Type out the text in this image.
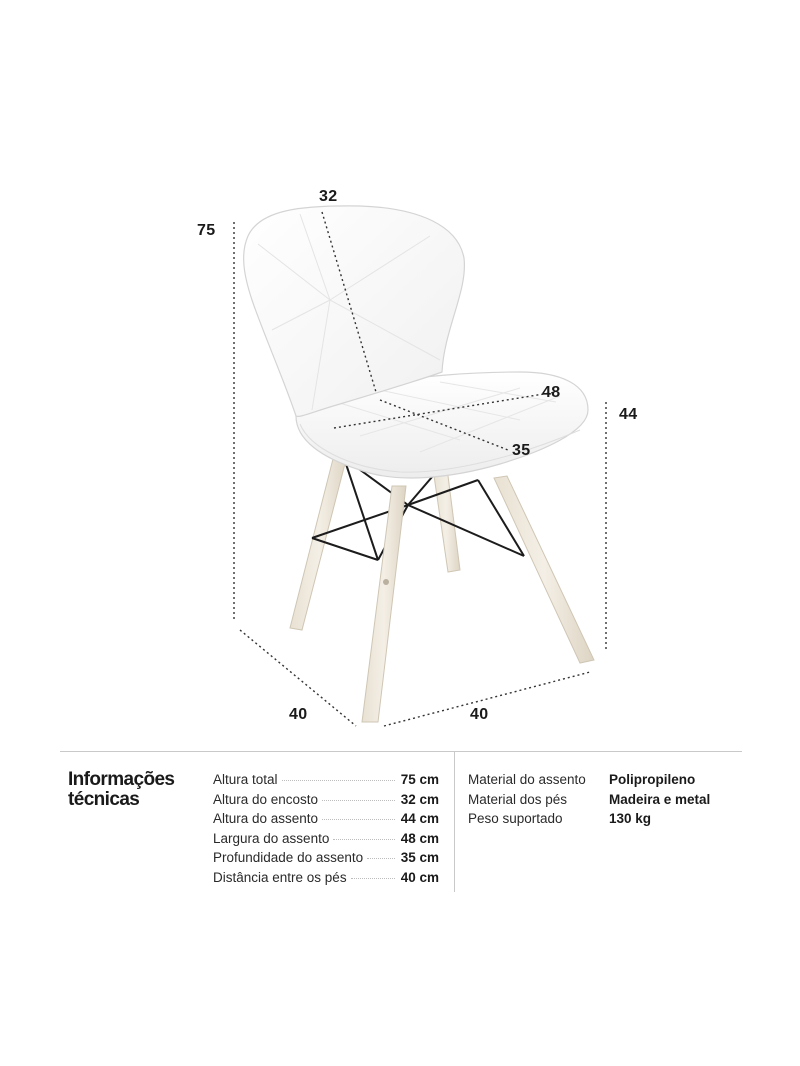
32
75
48
35
44
40	40
Informações
técnicas
Altura total	75 cm
Altura do encosto	32 cm
Altura do assento	44 cm
Largura do assento	48 cm
Profundidade do assento	35 cm
Distância entre os pés	40 cm
Material do assento	Polipropileno
Material dos pés	Madeira e metal
Peso suportado	130 kg
